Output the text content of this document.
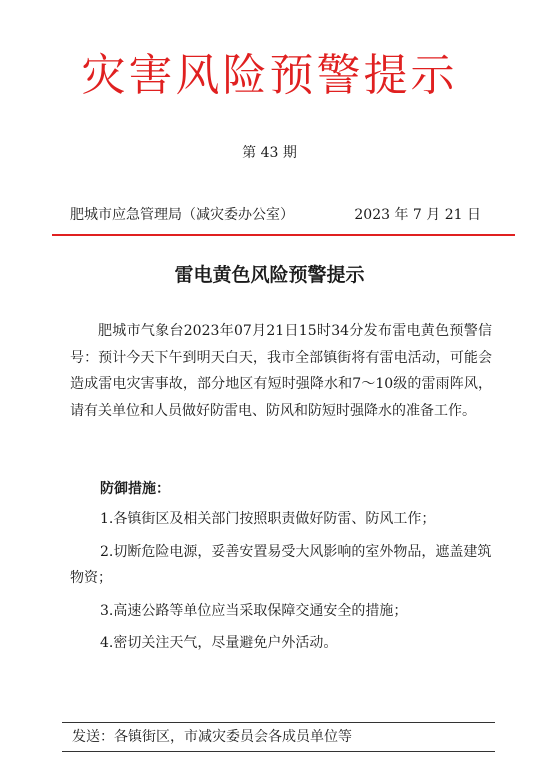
灾害风险预警提示
第 43 期
肥城市应急管理局（减灾委办公室）	2023 年 7 月 21 日
雷电黄色风险预警提示
肥城市气象台2023年07月21日15时34分发布雷电黄色预警信号：预计今天下午到明天白天，我市全部镇街将有雷电活动，可能会造成雷电灾害事故，部分地区有短时强降水和7～10级的雷雨阵风，请有关单位和人员做好防雷电、防风和防短时强降水的准备工作。
防御措施：
1.各镇街区及相关部门按照职责做好防雷、防风工作；
2.切断危险电源，妥善安置易受大风影响的室外物品，遮盖建筑物资；
3.高速公路等单位应当采取保障交通安全的措施；
4.密切关注天气，尽量避免户外活动。
发送：各镇街区，市减灾委员会各成员单位等
